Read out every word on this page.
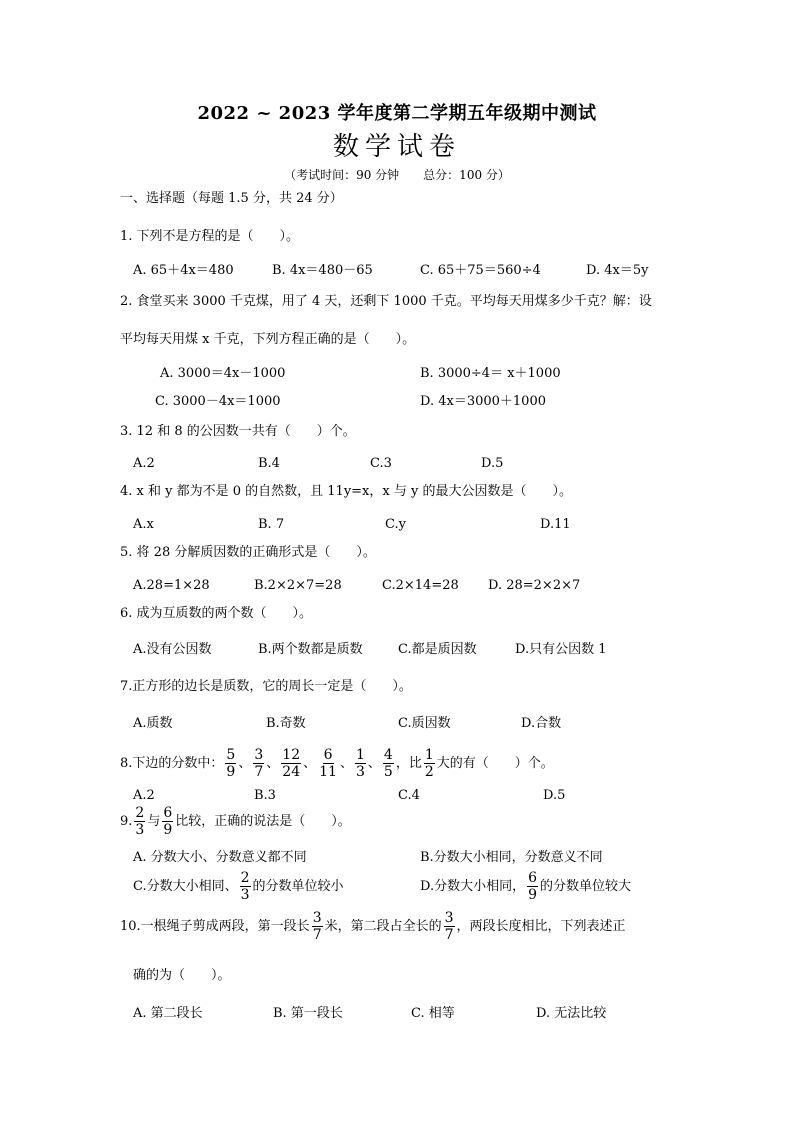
2022 ~ 2023 学年度第二学期五年级期中测试
数学试卷
（考试时间：90 分钟　　总分：100 分）
一、选择题（每题 1.5 分，共 24 分）
1. 下列不是方程的是（　　）。
A. 65＋4x＝480	B. 4x＝480－65	C. 65＋75＝560÷4	D. 4x＝5y
2. 食堂买来 3000 千克煤，用了 4 天，还剩下 1000 千克。平均每天用煤多少千克？解：设
平均每天用煤 x 千克，下列方程正确的是（　　）。
A. 3000＝4x－1000	B. 3000÷4＝ x＋1000
C. 3000－4x＝1000	D. 4x＝3000＋1000
3. 12 和 8 的公因数一共有（　　）个。
A.2	B.4	C.3	D.5
4. x 和 y 都为不是 0 的自然数，且 11y=x，x 与 y 的最大公因数是（　　）。
A.x	B. 7	C.y	D.11
5. 将 28 分解质因数的正确形式是（　　）。
A.28=1×28	B.2×2×7=28	C.2×14=28 D. 28=2×2×7
6. 成为互质数的两个数（　　）。
A.没有公因数	B.两个数都是质数	C.都是质因数	D.只有公因数 1
7.正方形的边长是质数，它的周长一定是（　　）。
A.质数	B.奇数	C.质因数	D.合数
8.下边的分数中： $\frac{5}{9}$ 、 $\frac{3}{7}$ 、 $\frac{12}{24}$ 、 $\frac{6}{11}$ 、 $\frac{1}{3}$ 、 $\frac{4}{5}$ ，比 $\frac{1}{2}$ 大的有（　　）个。
A.2	B.3	C.4	D.5
9. $\frac{2}{3}$ 与 $\frac{6}{9}$ 比较，正确的说法是（　　）。
A. 分数大小、分数意义都不同	B.分数大小相同，分数意义不同
C.分数大小相同、 $\frac{2}{3}$ 的分数单位较小	D.分数大小相同， $\frac{6}{9}$ 的分数单位较大
10.一根绳子剪成两段，第一段长 $\frac{3}{7}$ 米，第二段占全长的 $\frac{3}{7}$ ，两段长度相比，下列表述正
确的为（　　）。
A. 第二段长	B. 第一段长	C. 相等	D. 无法比较
